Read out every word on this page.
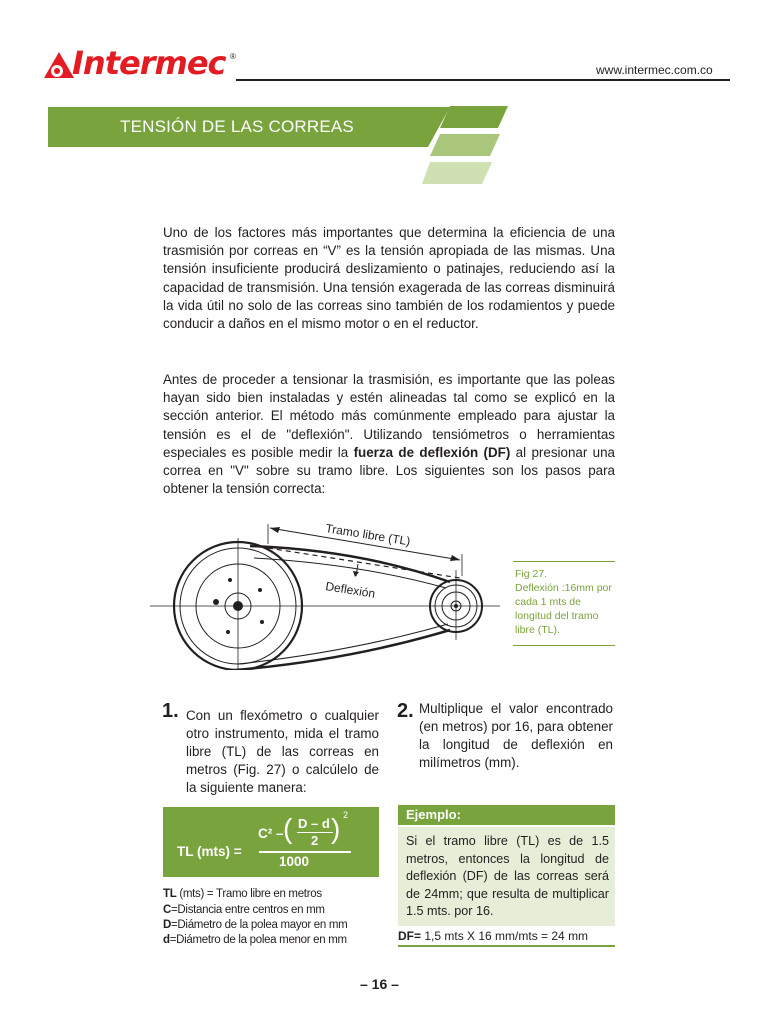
Intermec ®
www.intermec.com.co
TENSIÓN DE LAS CORREAS
Uno de los factores más importantes que determina la eficiencia de una trasmisión por correas en “V” es la tensión apropiada de las mismas. Una tensión insuficiente producirá deslizamiento o patinajes, reduciendo así la capacidad de transmisión. Una tensión exagerada de las correas disminuirá la vida útil no solo de las correas sino también de los rodamientos y puede conducir a daños en el mismo motor o en el reductor.
Antes de proceder a tensionar la trasmisión, es importante que las poleas hayan sido bien instaladas y estén alineadas tal como se explicó en la sección anterior. El método más comúnmente empleado para ajustar la tensión es el de "deflexión". Utilizando tensiómetros o herramientas especiales es posible medir la fuerza de deflexión (DF) al presionar una correa en "V" sobre su tramo libre. Los siguientes son los pasos para obtener la tensión correcta:
Tramo libre (TL)
Deflexión
Fig 27.
Deflexión :16mm por cada 1 mts de longitud del tramo libre (TL).
1. Con un flexómetro o cualquier otro instrumento, mida el tramo libre (TL) de las correas en metros (Fig. 27) o calcúlelo de la siguiente manera:
2. Multiplique el valor encontrado (en metros) por 16, para obtener la longitud de deflexión en milímetros (mm).
TL (mts) =
C² – ( D – d
2 ) 2
1000
TL (mts) = Tramo libre en metros
C=Distancia entre centros en mm
D=Diámetro de la polea mayor en mm
d=Diámetro de la polea menor en mm
Ejemplo:
Si el tramo libre (TL) es de 1.5 metros, entonces la longitud de deflexión (DF) de las correas será de 24mm; que resulta de multiplicar 1.5 mts. por 16.
DF= 1,5 mts X 16 mm/mts = 24 mm
– 16 –
